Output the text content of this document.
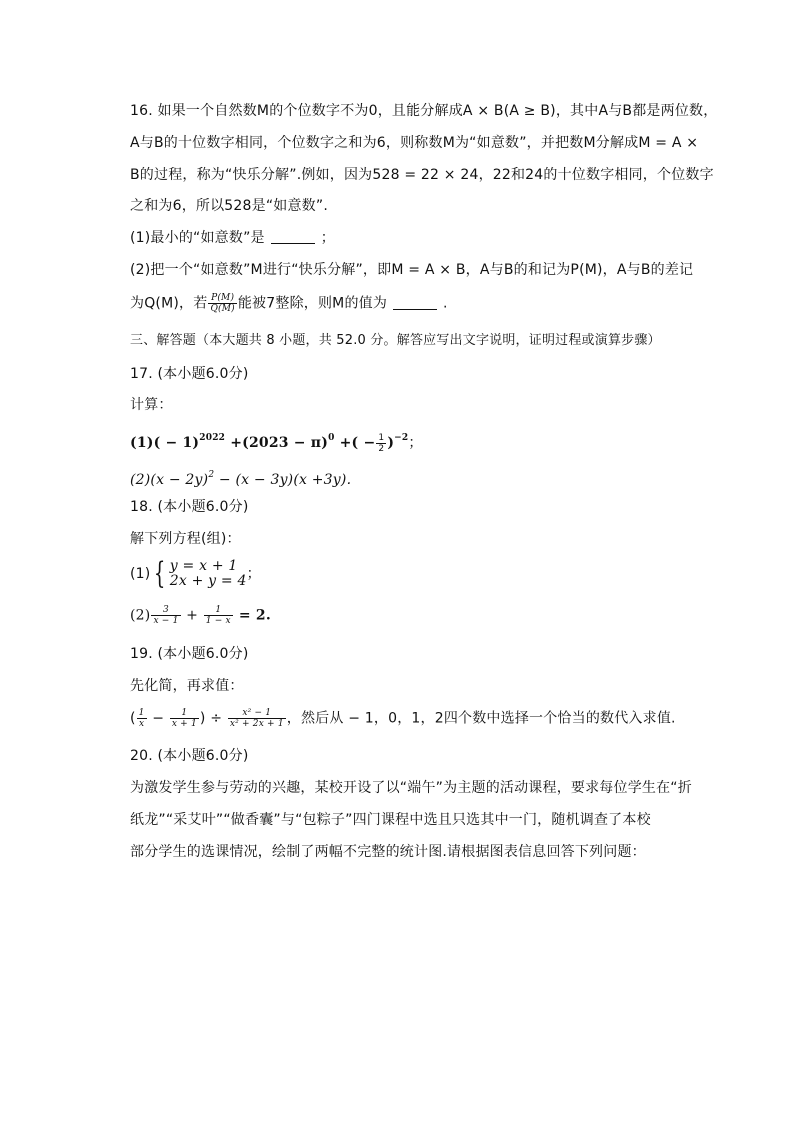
16. 如果一个自然数M的个位数字不为0，且能分解成A × B(A ≥ B)，其中A与B都是两位数，
A与B的十位数字相同，个位数字之和为6，则称数M为“如意数”，并把数M分解成M = A ×
B的过程，称为“快乐分解”.例如，因为528 = 22 × 24，22和24的十位数字相同，个位数字
之和为6，所以528是“如意数”.
(1)最小的“如意数”是	；
(2)把一个“如意数”M进行“快乐分解”，即M = A × B，A与B的和记为P(M)，A与B的差记
为Q(M)，若 $\frac{P(M)}{Q(M)}$ 能被7整除，则M的值为	.
三、解答题（本大题共 8 小题，共 52.0 分。解答应写出文字说明，证明过程或演算步骤）
17. (本小题6.0分)
计算：
$(1)( - 1)^{2022} +(2023 - \pi)^0$ +( − $\frac{1}{2} )^{-2}$；
$(2)(x - 2y)^2 - (x - 3y)(x +3y)$.
18. (本小题6.0分)
解下列方程(组)：
(1) { y = x + 1
2x + y = 4 ；
$(2) \frac{3}{x - 1} + \frac{1}{1 - x} = 2$.
19. (本小题6.0分)
先化简，再求值：
( $\frac{1}{x} - \frac{1}{x + 1}$ ) ÷ $\frac{\text{x² − 1}}{\text{x² + 2x + 1}}$ ，然后从 − 1，0，1，2四个数中选择一个恰当的数代入求值.
20. (本小题6.0分)
为激发学生参与劳动的兴趣，某校开设了以“端午”为主题的活动课程，要求每位学生在“折
纸龙”“采艾叶”“做香囊”与“包粽子”四门课程中选且只选其中一门，随机调查了本校
部分学生的选课情况，绘制了两幅不完整的统计图.请根据图表信息回答下列问题：
